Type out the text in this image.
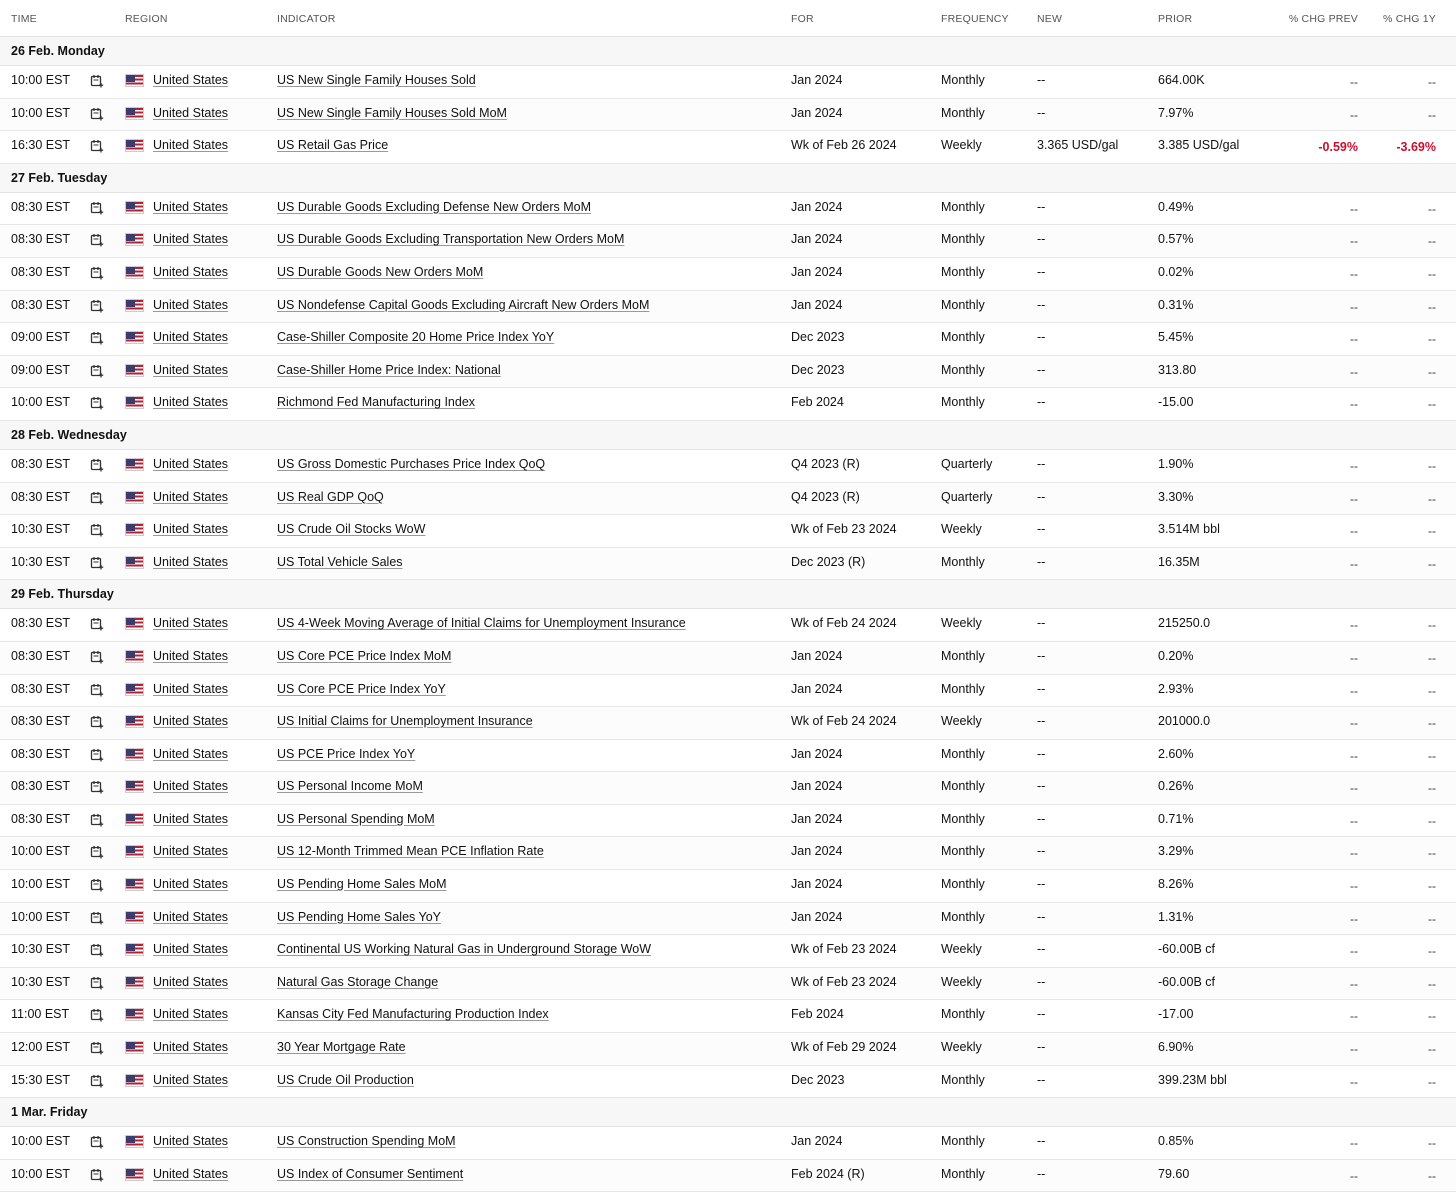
TIME	REGION	INDICATOR	FOR	FREQUENCY	NEW	PRIOR	% CHG PREV % CHG 1Y
26 Feb. Monday
10:00 EST	United States	US New Single Family Houses Sold	Jan 2024	Monthly	--	664.00K	--	--
10:00 EST	United States	US New Single Family Houses Sold MoM	Jan 2024	Monthly	--	7.97%	--	--
16:30 EST	United States	US Retail Gas Price	Wk of Feb 26 2024	Weekly	3.365 USD/gal	3.385 USD/gal	-0.59%	-3.69%
27 Feb. Tuesday
08:30 EST	United States	US Durable Goods Excluding Defense New Orders MoM	Jan 2024	Monthly	--	0.49%	--	--
08:30 EST	United States	US Durable Goods Excluding Transportation New Orders MoM	Jan 2024	Monthly	--	0.57%	--	--
08:30 EST	United States	US Durable Goods New Orders MoM	Jan 2024	Monthly	--	0.02%	--	--
08:30 EST	United States	US Nondefense Capital Goods Excluding Aircraft New Orders MoM	Jan 2024	Monthly	--	0.31%	--	--
09:00 EST	United States	Case-Shiller Composite 20 Home Price Index YoY	Dec 2023	Monthly	--	5.45%	--	--
09:00 EST	United States	Case-Shiller Home Price Index: National	Dec 2023	Monthly	--	313.80	--	--
10:00 EST	United States	Richmond Fed Manufacturing Index	Feb 2024	Monthly	--	-15.00	--	--
28 Feb. Wednesday
08:30 EST	United States	US Gross Domestic Purchases Price Index QoQ	Q4 2023 (R)	Quarterly	--	1.90%	--	--
08:30 EST	United States	US Real GDP QoQ	Q4 2023 (R)	Quarterly	--	3.30%	--	--
10:30 EST	United States	US Crude Oil Stocks WoW	Wk of Feb 23 2024	Weekly	--	3.514M bbl	--	--
10:30 EST	United States	US Total Vehicle Sales	Dec 2023 (R)	Monthly	--	16.35M	--	--
29 Feb. Thursday
08:30 EST	United States	US 4-Week Moving Average of Initial Claims for Unemployment Insurance	Wk of Feb 24 2024	Weekly	--	215250.0	--	--
08:30 EST	United States	US Core PCE Price Index MoM	Jan 2024	Monthly	--	0.20%	--	--
08:30 EST	United States	US Core PCE Price Index YoY	Jan 2024	Monthly	--	2.93%	--	--
08:30 EST	United States	US Initial Claims for Unemployment Insurance	Wk of Feb 24 2024	Weekly	--	201000.0	--	--
08:30 EST	United States	US PCE Price Index YoY	Jan 2024	Monthly	--	2.60%	--	--
08:30 EST	United States	US Personal Income MoM	Jan 2024	Monthly	--	0.26%	--	--
08:30 EST	United States	US Personal Spending MoM	Jan 2024	Monthly	--	0.71%	--	--
10:00 EST	United States	US 12-Month Trimmed Mean PCE Inflation Rate	Jan 2024	Monthly	--	3.29%	--	--
10:00 EST	United States	US Pending Home Sales MoM	Jan 2024	Monthly	--	8.26%	--	--
10:00 EST	United States	US Pending Home Sales YoY	Jan 2024	Monthly	--	1.31%	--	--
10:30 EST	United States	Continental US Working Natural Gas in Underground Storage WoW	Wk of Feb 23 2024	Weekly	--	-60.00B cf	--	--
10:30 EST	United States	Natural Gas Storage Change	Wk of Feb 23 2024	Weekly	--	-60.00B cf	--	--
11:00 EST	United States	Kansas City Fed Manufacturing Production Index	Feb 2024	Monthly	--	-17.00	--	--
12:00 EST	United States	30 Year Mortgage Rate	Wk of Feb 29 2024	Weekly	--	6.90%	--	--
15:30 EST	United States	US Crude Oil Production	Dec 2023	Monthly	--	399.23M bbl	--	--
1 Mar. Friday
10:00 EST	United States	US Construction Spending MoM	Jan 2024	Monthly	--	0.85%	--	--
10:00 EST	United States	US Index of Consumer Sentiment	Feb 2024 (R)	Monthly	--	79.60	--	--
